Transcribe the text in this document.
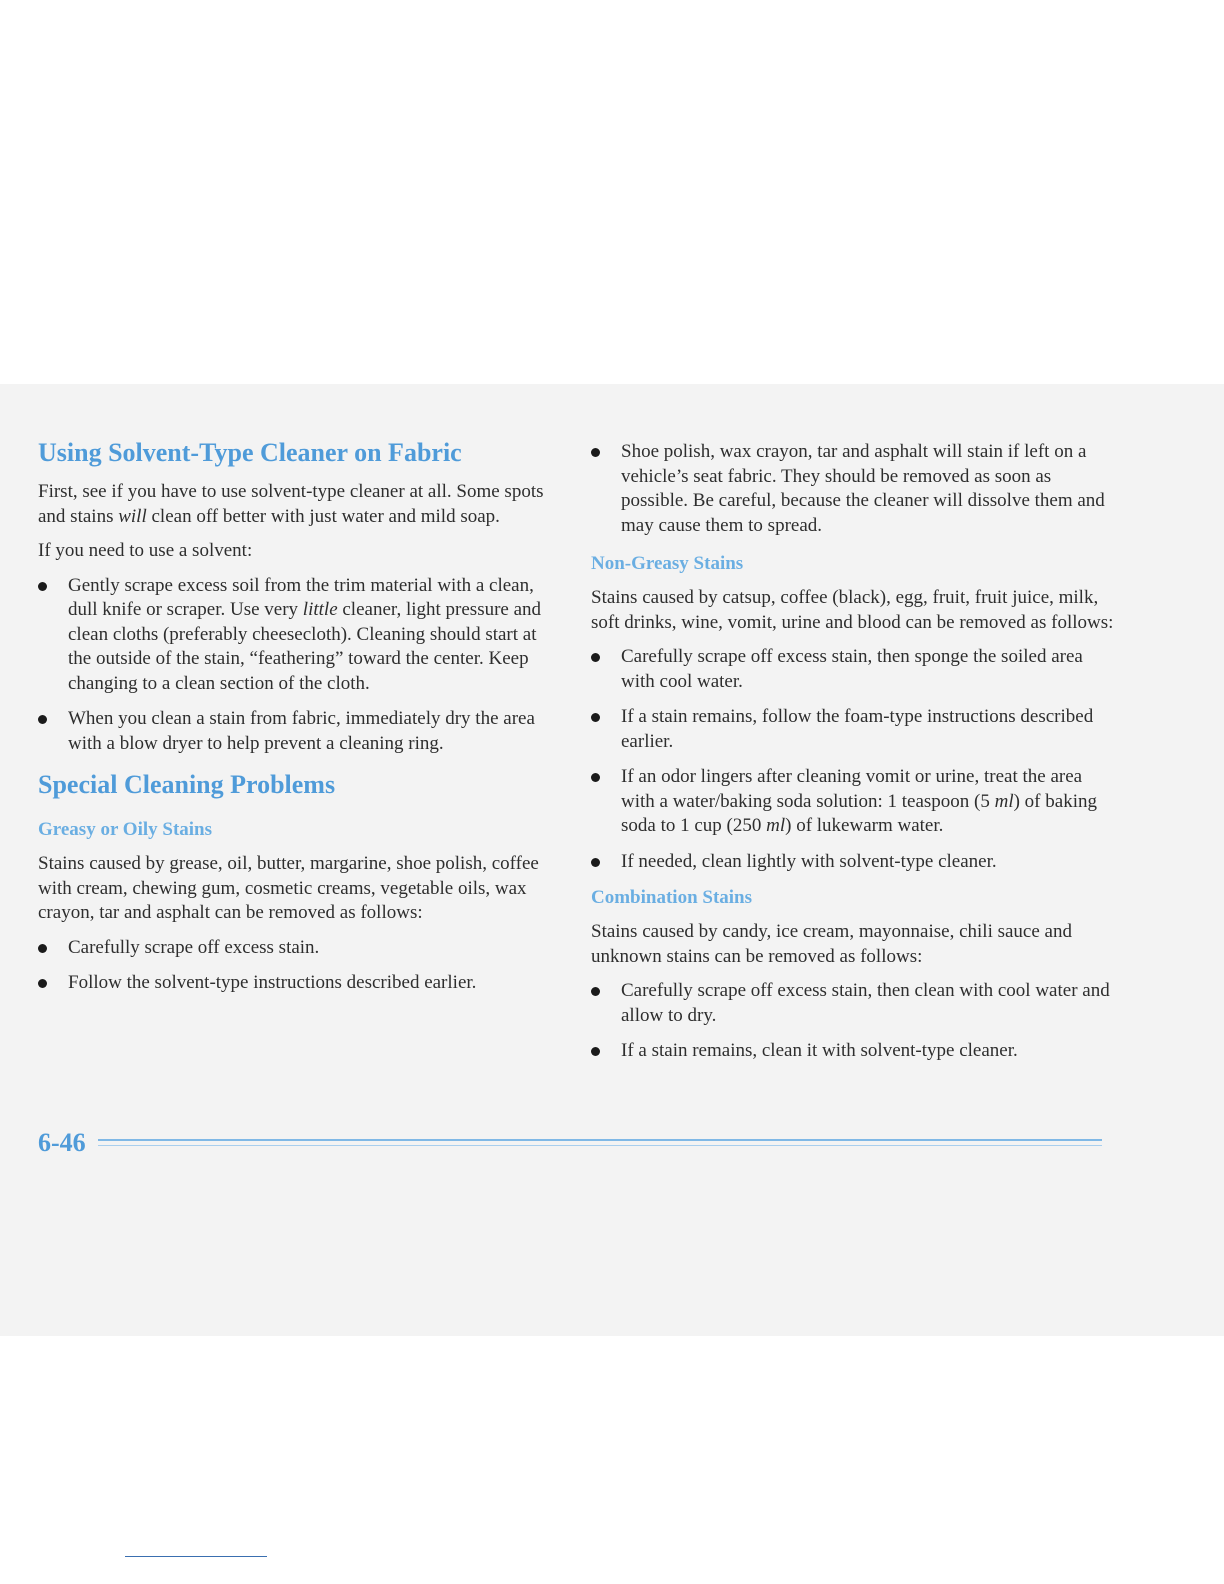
Using Solvent-Type Cleaner on Fabric

First, see if you have to use solvent-type cleaner at all. Some spots and stains will clean off better with just water and mild soap.

If you need to use a solvent:

Gently scrape excess soil from the trim material with a clean, dull knife or scraper. Use very little cleaner, light pressure and clean cloths (preferably cheesecloth). Cleaning should start at the outside of the stain, “feathering” toward the center. Keep changing to a clean section of the cloth.
When you clean a stain from fabric, immediately dry the area with a blow dryer to help prevent a cleaning ring.
Special Cleaning Problems
Greasy or Oily Stains

Stains caused by grease, oil, butter, margarine, shoe polish, coffee with cream, chewing gum, cosmetic creams, vegetable oils, wax crayon, tar and asphalt can be removed as follows:

Carefully scrape off excess stain.
Follow the solvent-type instructions described earlier.
Shoe polish, wax crayon, tar and asphalt will stain if left on a vehicle’s seat fabric. They should be removed as soon as possible. Be careful, because the cleaner will dissolve them and may cause them to spread.
Non-Greasy Stains

Stains caused by catsup, coffee (black), egg, fruit, fruit juice, milk, soft drinks, wine, vomit, urine and blood can be removed as follows:

Carefully scrape off excess stain, then sponge the soiled area with cool water.
If a stain remains, follow the foam-type instructions described earlier.
If an odor lingers after cleaning vomit or urine, treat the area with a water/baking soda solution: 1 teaspoon (5 ml) of baking soda to 1 cup (250 ml) of lukewarm water.
If needed, clean lightly with solvent-type cleaner.
Combination Stains

Stains caused by candy, ice cream, mayonnaise, chili sauce and unknown stains can be removed as follows:

Carefully scrape off excess stain, then clean with cool water and allow to dry.
If a stain remains, clean it with solvent-type cleaner.
6-46
